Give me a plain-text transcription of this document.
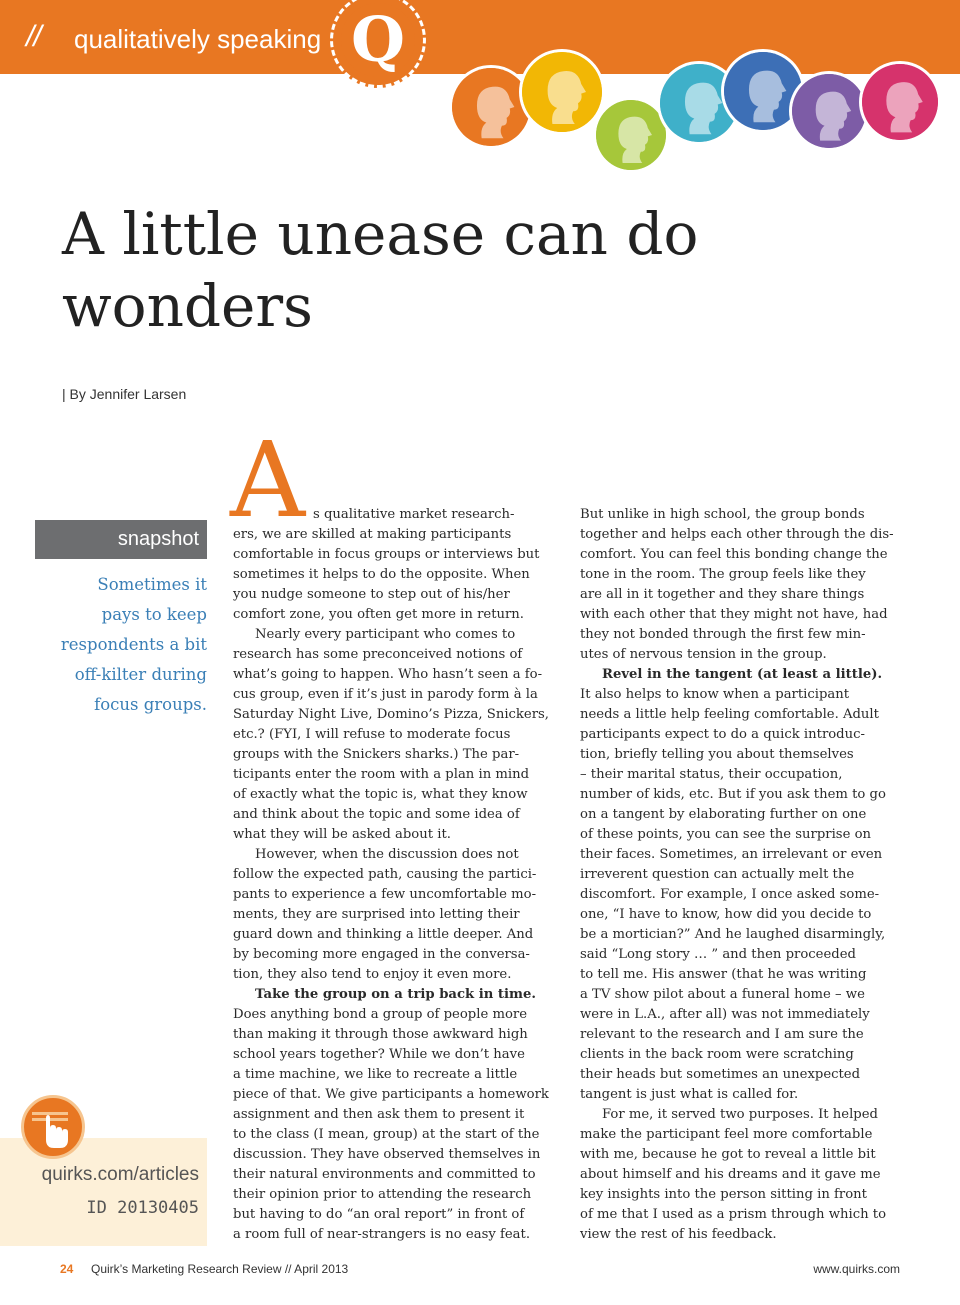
// qualitatively speaking Q
A little unease can do
wonders
| By Jennifer Larsen
snapshot
Sometimes it
pays to keep
respondents a bit
off-kilter during
focus groups.
quirks.com/articles
ID 20130405
A s qualitative market research-

ers, we are skilled at making participants
comfortable in focus groups or interviews but
sometimes it helps to do the opposite. When
you nudge someone to step out of his/her
comfort zone, you often get more in return.

Nearly every participant who comes to
research has some preconceived notions of
what’s going to happen. Who hasn’t seen a fo-
cus group, even if it’s just in parody form à la
Saturday Night Live, Domino’s Pizza, Snickers,
etc.? (FYI, I will refuse to moderate focus
groups with the Snickers sharks.) The par-
ticipants enter the room with a plan in mind
of exactly what the topic is, what they know
and think about the topic and some idea of
what they will be asked about it.

However, when the discussion does not
follow the expected path, causing the partici-
pants to experience a few uncomfortable mo-
ments, they are surprised into letting their
guard down and thinking a little deeper. And
by becoming more engaged in the conversa-
tion, they also tend to enjoy it even more.

Take the group on a trip back in time.

Does anything bond a group of people more
than making it through those awkward high
school years together? While we don’t have
a time machine, we like to recreate a little
piece of that. We give participants a homework
assignment and then ask them to present it
to the class (I mean, group) at the start of the
discussion. They have observed themselves in
their natural environments and committed to
their opinion prior to attending the research
but having to do “an oral report” in front of
a room full of near-strangers is no easy feat.

But unlike in high school, the group bonds
together and helps each other through the dis-
comfort. You can feel this bonding change the
tone in the room. The group feels like they
are all in it together and they share things
with each other that they might not have, had
they not bonded through the first few min-
utes of nervous tension in the group.

Revel in the tangent (at least a little).

It also helps to know when a participant
needs a little help feeling comfortable. Adult
participants expect to do a quick introduc-
tion, briefly telling you about themselves
– their marital status, their occupation,
number of kids, etc. But if you ask them to go
on a tangent by elaborating further on one
of these points, you can see the surprise on
their faces. Sometimes, an irrelevant or even
irreverent question can actually melt the
discomfort. For example, I once asked some-
one, “I have to know, how did you decide to
be a mortician?” And he laughed disarmingly,
said “Long story … ” and then proceeded
to tell me. His answer (that he was writing
a TV show pilot about a funeral home – we
were in L.A., after all) was not immediately
relevant to the research and I am sure the
clients in the back room were scratching
their heads but sometimes an unexpected
tangent is just what is called for.

For me, it served two purposes. It helped
make the participant feel more comfortable
with me, because he got to reveal a little bit
about himself and his dreams and it gave me
key insights into the person sitting in front
of me that I used as a prism through which to
view the rest of his feedback.

24 Quirk’s Marketing Research Review // April 2013	www.quirks.com
